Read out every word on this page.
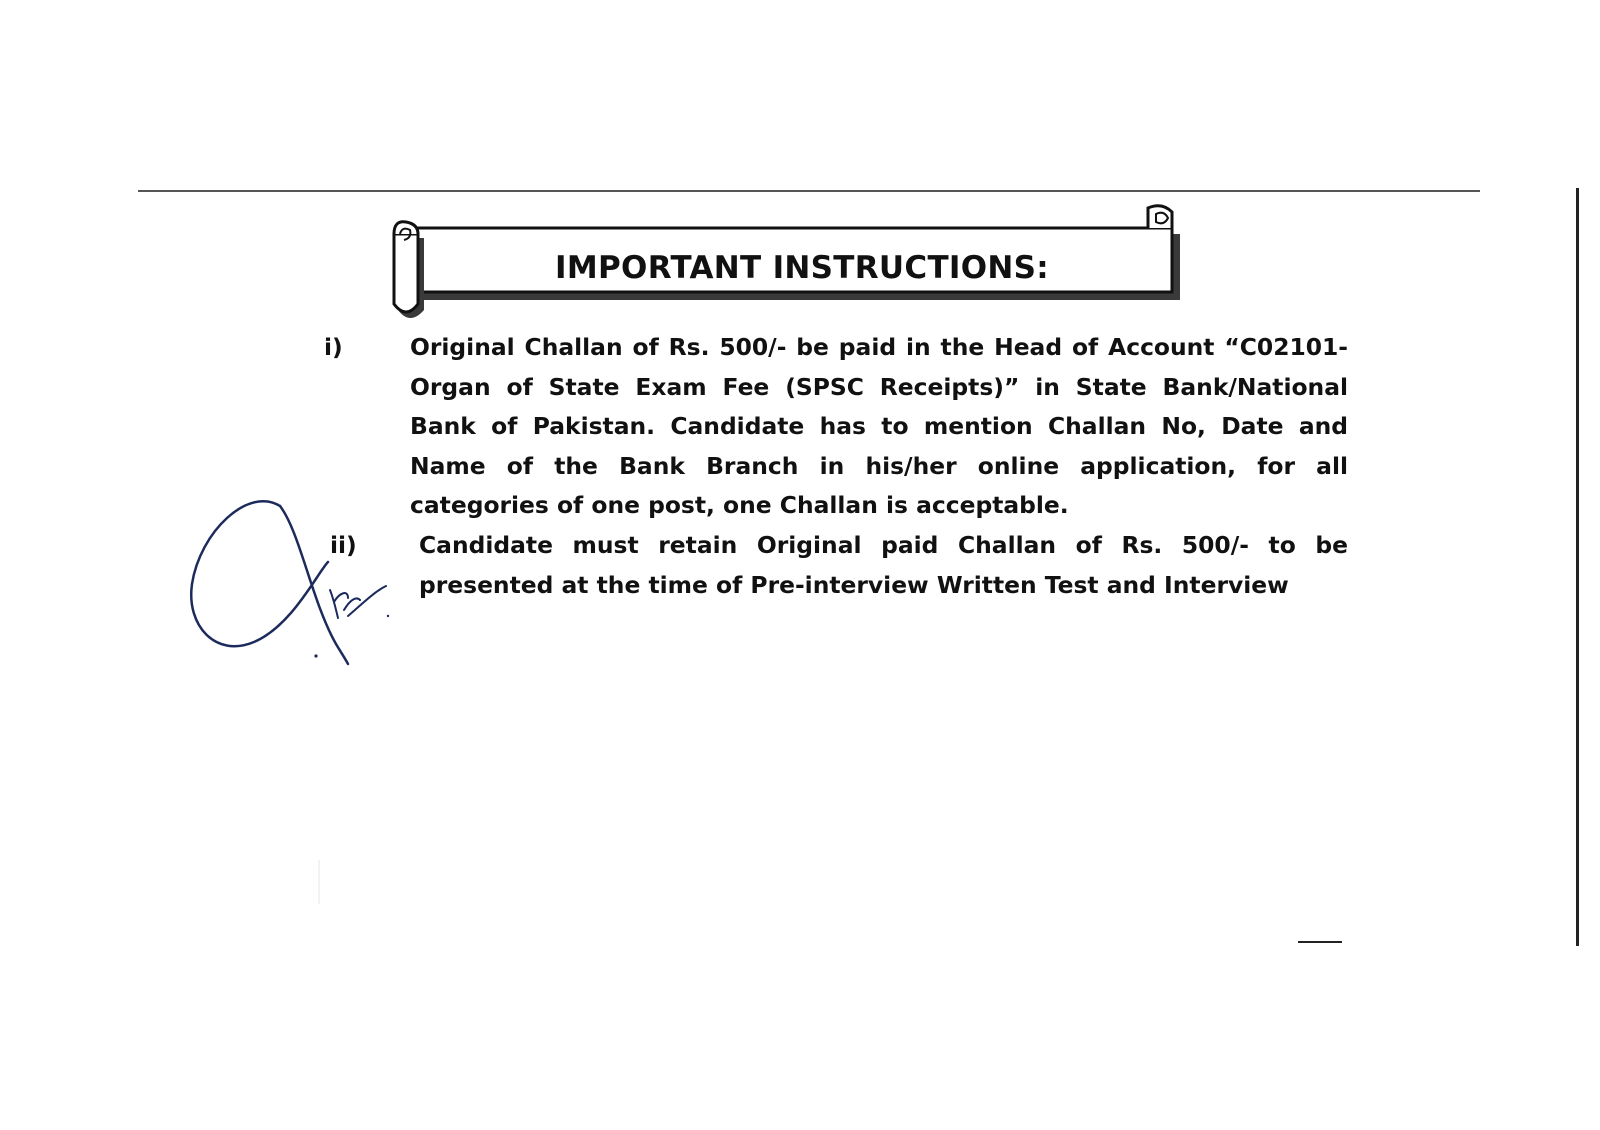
IMPORTANT INSTRUCTIONS:
i)	Original Challan of Rs. 500/- be paid in the Head of Account “C02101-Organ of State Exam Fee (SPSC Receipts)” in State Bank/National Bank of Pakistan. Candidate has to mention Challan No, Date and Name of the Bank Branch in his/her online application, for all categories of one post, one Challan is acceptable.
ii)	Candidate must retain Original paid Challan of Rs. 500/- to be presented at the time of Pre-interview Written Test and Interview
